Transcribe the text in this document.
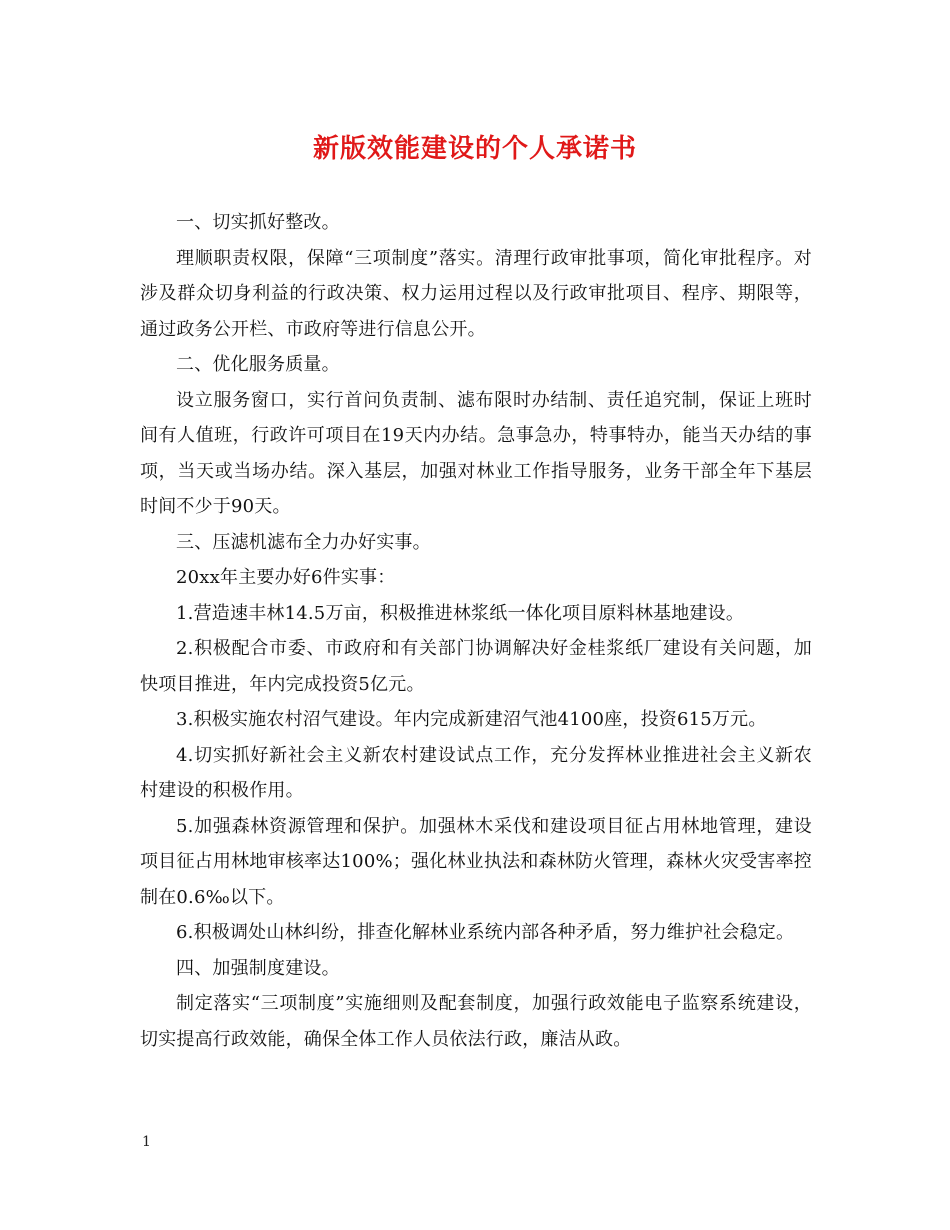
新版效能建设的个人承诺书

一、切实抓好整改。

理顺职责权限，保障“三项制度”落实。清理行政审批事项，简化审批程序。对涉及群众切身利益的行政决策、权力运用过程以及行政审批项目、程序、期限等，通过政务公开栏、市政府等进行信息公开。

二、优化服务质量。

设立服务窗口，实行首问负责制、滤布限时办结制、责任追究制，保证上班时间有人值班，行政许可项目在19天内办结。急事急办，特事特办，能当天办结的事项，当天或当场办结。深入基层，加强对林业工作指导服务，业务干部全年下基层时间不少于90天。

三、压滤机滤布全力办好实事。

20xx年主要办好6件实事：

1.营造速丰林14.5万亩，积极推进林浆纸一体化项目原料林基地建设。

2.积极配合市委、市政府和有关部门协调解决好金桂浆纸厂建设有关问题，加快项目推进，年内完成投资5亿元。

3.积极实施农村沼气建设。年内完成新建沼气池4100座，投资615万元。

4.切实抓好新社会主义新农村建设试点工作，充分发挥林业推进社会主义新农村建设的积极作用。

5.加强森林资源管理和保护。加强林木采伐和建设项目征占用林地管理，建设项目征占用林地审核率达100%；强化林业执法和森林防火管理，森林火灾受害率控制在0.6‰以下。

6.积极调处山林纠纷，排查化解林业系统内部各种矛盾，努力维护社会稳定。

四、加强制度建设。

制定落实“三项制度”实施细则及配套制度，加强行政效能电子监察系统建设，切实提高行政效能，确保全体工作人员依法行政，廉洁从政。

1
